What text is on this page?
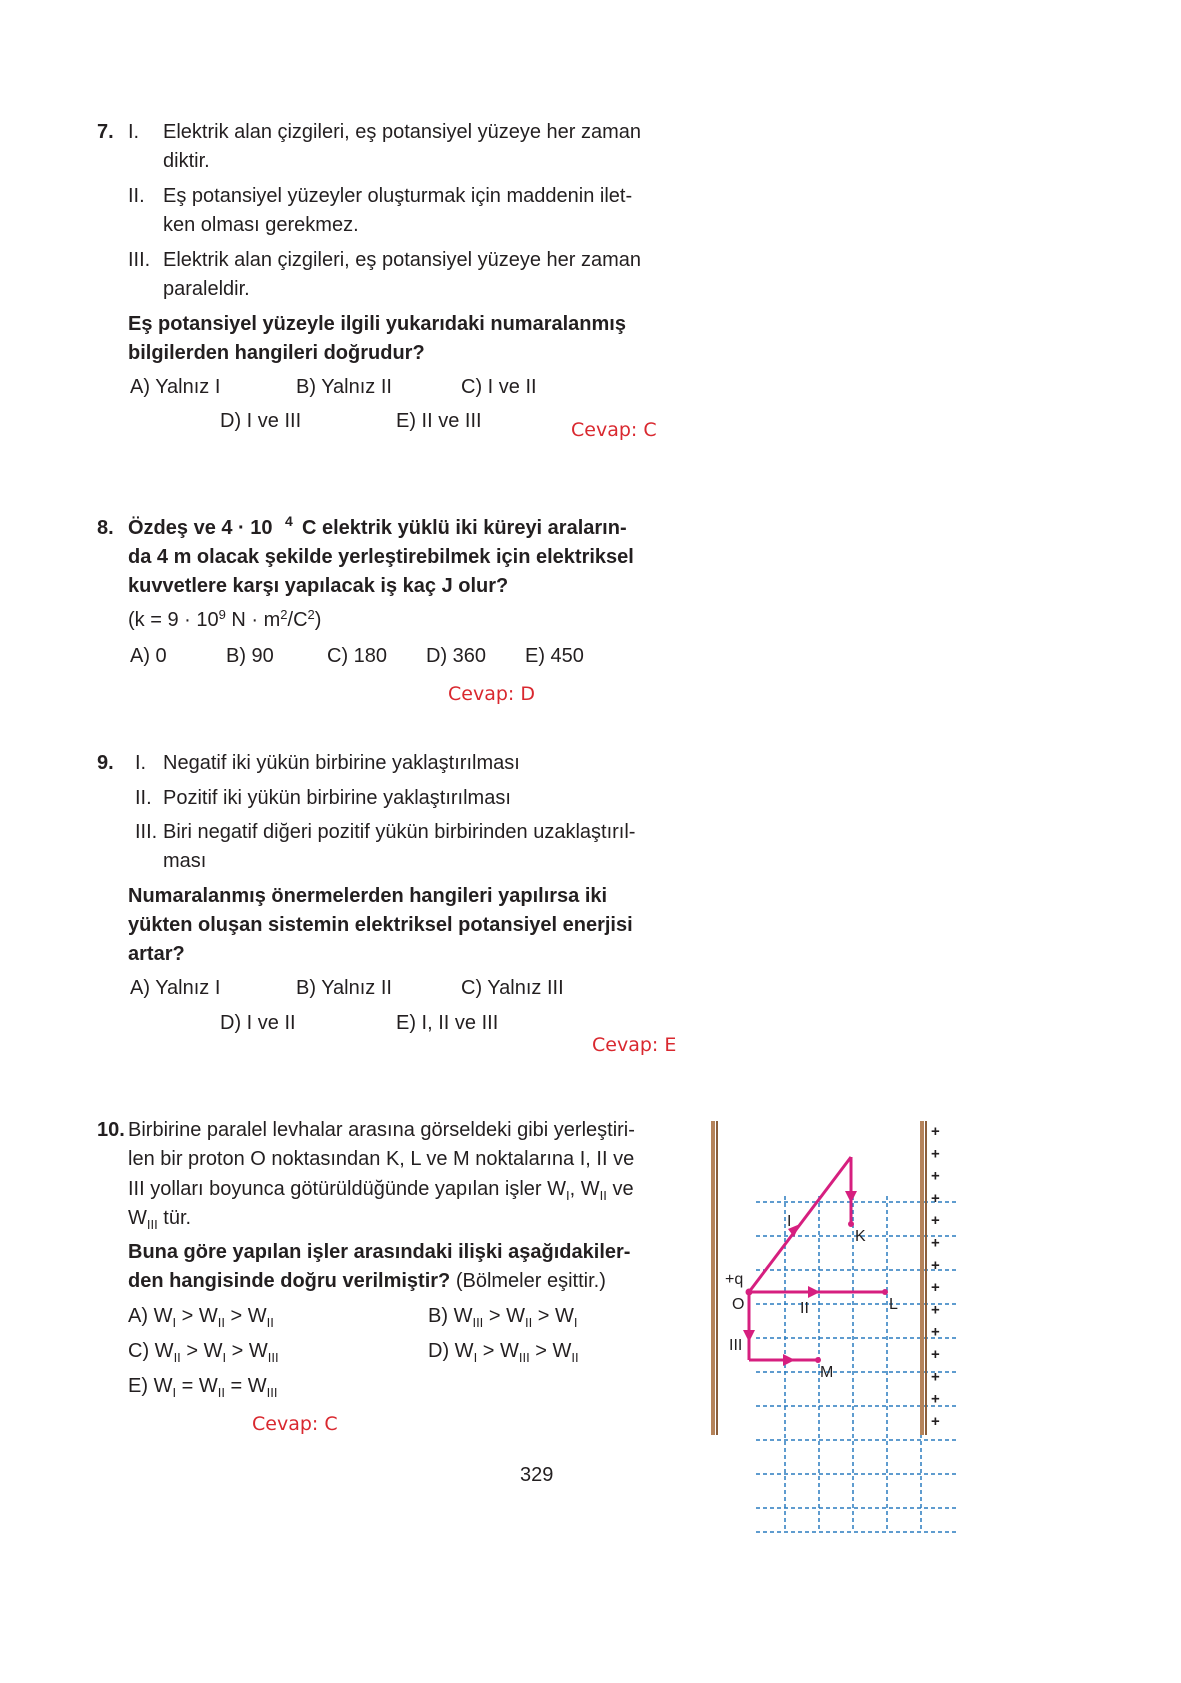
7. I. Elektrik alan çizgileri, eş potansiyel yüzeye her zaman
diktir.
II. Eş potansiyel yüzeyler oluşturmak için maddenin ilet-
ken olması gerekmez.
III. Elektrik alan çizgileri, eş potansiyel yüzeye her zaman
paraleldir.
Eş potansiyel yüzeyle ilgili yukarıdaki numaralanmış
bilgilerden hangileri doğrudur?
A) Yalnız I	B) Yalnız II	C) I ve II
D) I ve III	E) II ve III	Cevap: C
8. Özdeş ve 4 · 10 4 C elektrik yüklü iki küreyi araların-
da 4 m olacak şekilde yerleştirebilmek için elektriksel
kuvvetlere karşı yapılacak iş kaç J olur?
($k = 9 \cdot 10^9$ $N \cdot m^2/C^2$)
A) 0	B) 90	C) 180 D) 360 E) 450
Cevap: D
9. I. Negatif iki yükün birbirine yaklaştırılması
II. Pozitif iki yükün birbirine yaklaştırılması
III. Biri negatif diğeri pozitif yükün birbirinden uzaklaştırıl-
ması
Numaralanmış önermelerden hangileri yapılırsa iki
yükten oluşan sistemin elektriksel potansiyel enerjisi
artar?
A) Yalnız I	B) Yalnız II	C) Yalnız III
D) I ve II	E) I, II ve III
Cevap: E
10. Birbirine paralel levhalar arasına görseldeki gibi yerleştiri-
len bir proton O noktasından K, L ve M noktalarına I, II ve
III yolları boyunca götürüldüğünde yapılan işler $W_I$, $W_{II}$ ve
$W_{III}$ tür.
Buna göre yapılan işler arasındaki ilişki aşağıdakiler-
den hangisinde doğru verilmiştir? (Bölmeler eşittir.)
A) $W_I > W_{II} > W_{II}$	B) $W_{III} > W_{II} > W_I$
C) $W_{II} > W_I > W_{III}$	D) $W_I > W_{III} > W_{II}$
E) $W_I = W_{II} = W_{III}$
Cevap: C
+
+
+
+
+
+
+
+
+
+
+
+
+
+
+q
O
K
L
M
I
II
III
329
